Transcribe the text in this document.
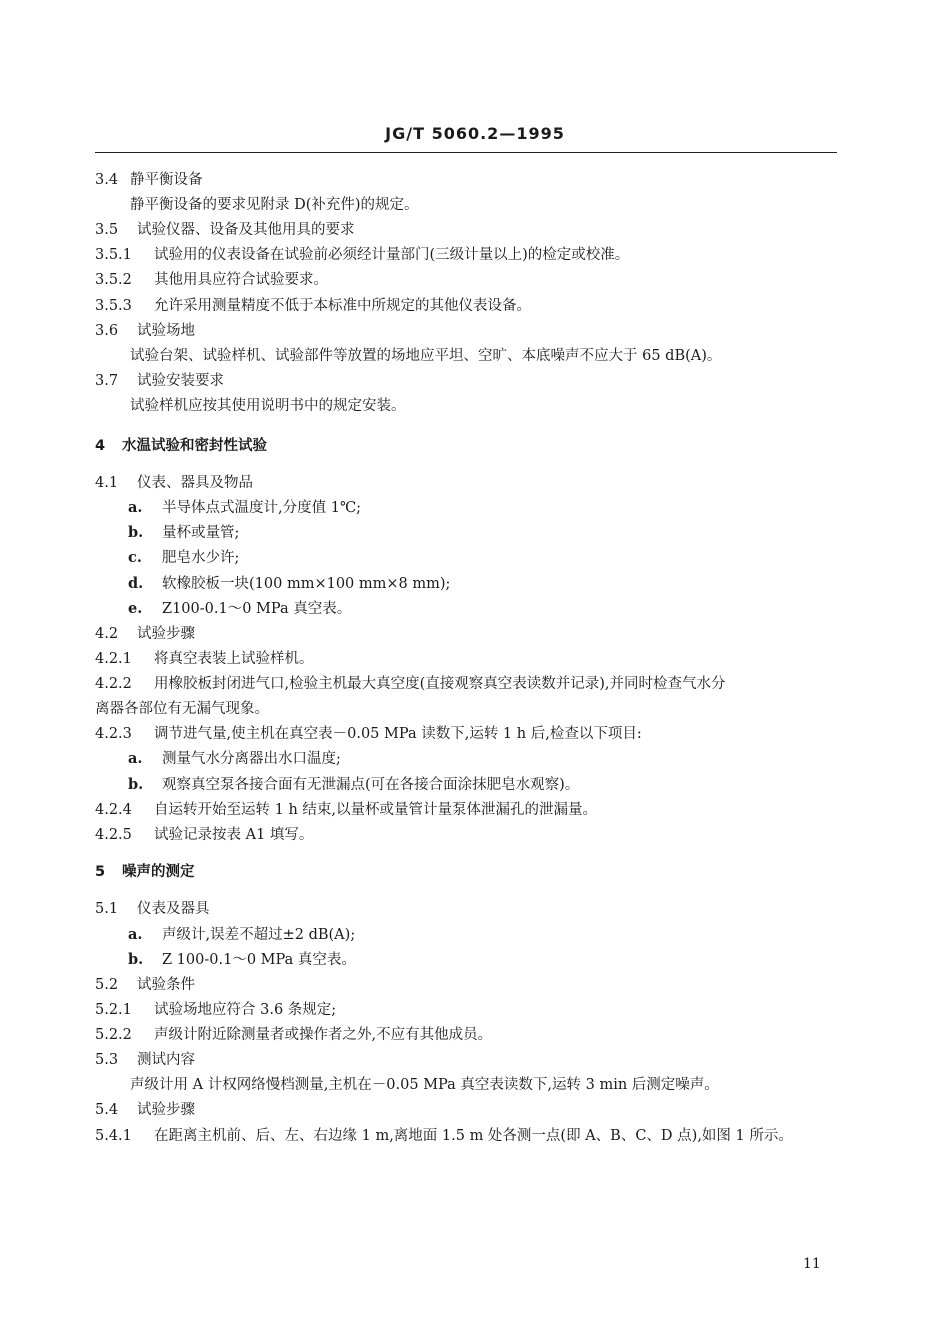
JG/T 5060.2—1995
3.4 静平衡设备
静平衡设备的要求见附录 D(补充件)的规定。
3.5 试验仪器、设备及其他用具的要求
3.5.1 试验用的仪表设备在试验前必须经计量部门(三级计量以上)的检定或校准。
3.5.2 其他用具应符合试验要求。
3.5.3 允许采用测量精度不低于本标准中所规定的其他仪表设备。
3.6 试验场地
试验台架、试验样机、试验部件等放置的场地应平坦、空旷、本底噪声不应大于 65 dB(A)。
3.7 试验安装要求
试验样机应按其使用说明书中的规定安装。
4 水温试验和密封性试验
4.1 仪表、器具及物品
a. 半导体点式温度计,分度值 1℃;
b. 量杯或量管;
c. 肥皂水少许;
d. 软橡胶板一块(100 mm×100 mm×8 mm);
e. Z100-0.1～0 MPa 真空表。
4.2 试验步骤
4.2.1 将真空表装上试验样机。
4.2.2 用橡胶板封闭进气口,检验主机最大真空度(直接观察真空表读数并记录),并同时检查气水分
离器各部位有无漏气现象。
4.2.3 调节进气量,使主机在真空表－0.05 MPa 读数下,运转 1 h 后,检查以下项目:
a. 测量气水分离器出水口温度;
b. 观察真空泵各接合面有无泄漏点(可在各接合面涂抹肥皂水观察)。
4.2.4 自运转开始至运转 1 h 结束,以量杯或量管计量泵体泄漏孔的泄漏量。
4.2.5 试验记录按表 A1 填写。
5 噪声的测定
5.1 仪表及器具
a. 声级计,误差不超过±2 dB(A);
b. Z 100-0.1～0 MPa 真空表。
5.2 试验条件
5.2.1 试验场地应符合 3.6 条规定;
5.2.2 声级计附近除测量者或操作者之外,不应有其他成员。
5.3 测试内容
声级计用 A 计权网络慢档测量,主机在－0.05 MPa 真空表读数下,运转 3 min 后测定噪声。
5.4 试验步骤
5.4.1 在距离主机前、后、左、右边缘 1 m,离地面 1.5 m 处各测一点(即 A、B、C、D 点),如图 1 所示。
11
